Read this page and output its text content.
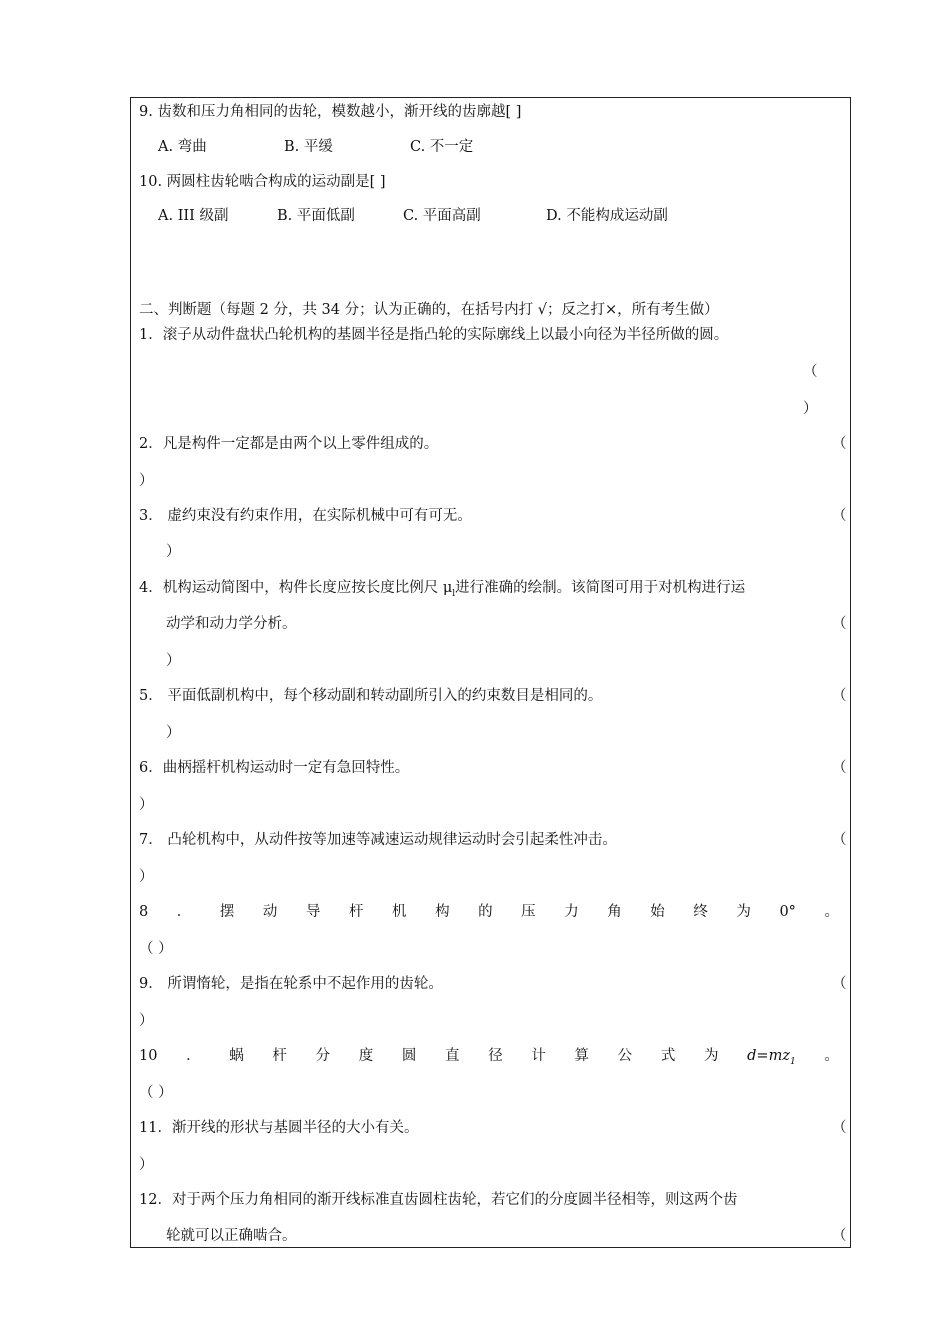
9. 齿数和压力角相同的齿轮，模数越小，渐开线的齿廓越[ ]
A. 弯曲	B. 平缓	C. 不一定
10. 两圆柱齿轮啮合构成的运动副是[ ]
A. III 级副	B. 平面低副	C. 平面高副	D. 不能构成运动副
二、判断题（每题 2 分，共 34 分；认为正确的，在括号内打 √；反之打×，所有考生做）
1．滚子从动件盘状凸轮机构的基圆半径是指凸轮的实际廓线上以最小向径为半径所做的圆。
（
）
2．凡是构件一定都是由两个以上零件组成的。	（
）
3． 虚约束没有约束作用，在实际机械中可有可无。	（
）
4．机构运动简图中，构件长度应按长度比例尺 $\mu_l$进行准确的绘制。该简图可用于对机构进行运
动学和动力学分析。	（
）
5． 平面低副机构中，每个移动副和转动副所引入的约束数目是相同的。	（
）
6．曲柄摇杆机构运动时一定有急回特性。	（
）
7． 凸轮机构中，从动件按等加速等减速运动规律运动时会引起柔性冲击。	（
）
8 ． 摆 动 导 杆 机 构 的 压 力 角 始 终 为 0° 。
（ ）
9． 所谓惰轮，是指在轮系中不起作用的齿轮。	（
）
10 ． 蜗 杆 分 度 圆 直 径 计 算 公 式 为 $d=mz_1$ 。
（ ）
11．渐开线的形状与基圆半径的大小有关。	（
）
12．对于两个压力角相同的渐开线标准直齿圆柱齿轮，若它们的分度圆半径相等，则这两个齿
轮就可以正确啮合。	（
